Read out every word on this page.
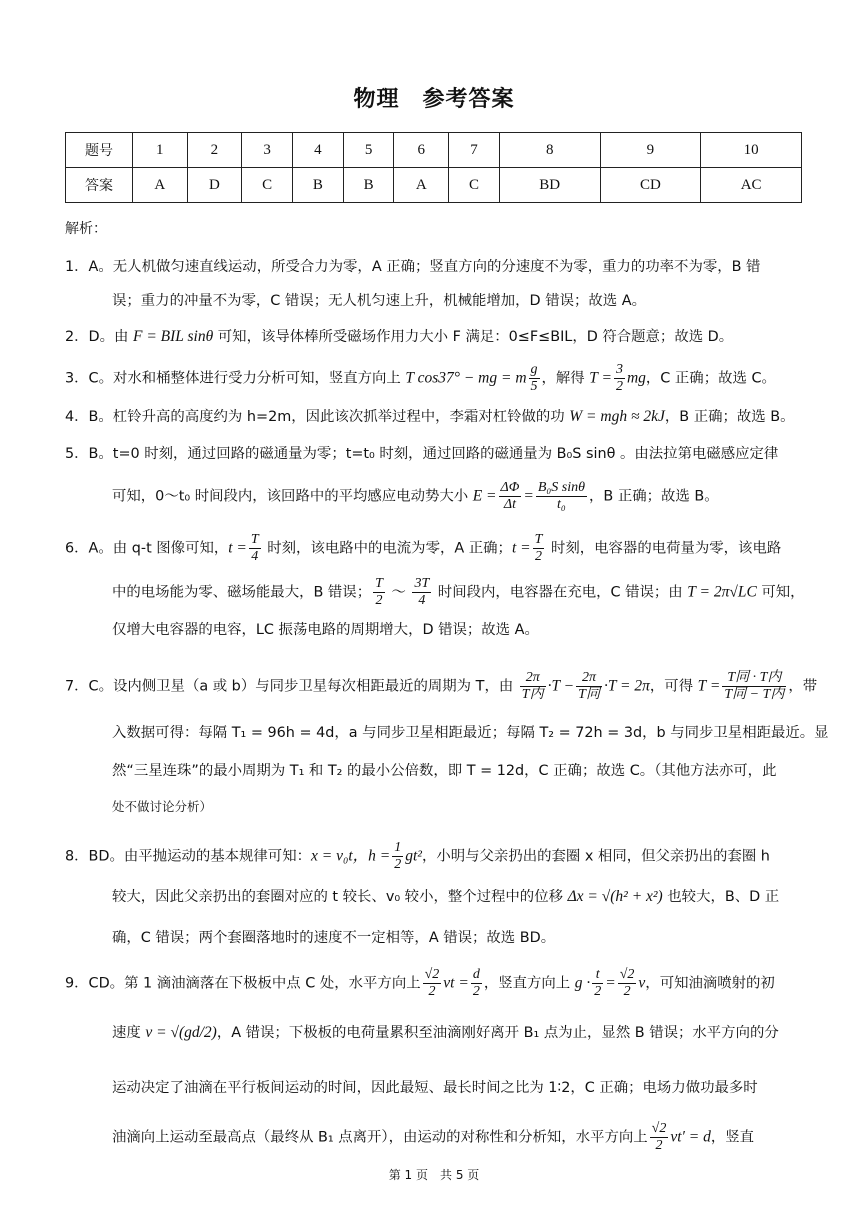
物理　参考答案
题号	1	2	3	4	5	6	7	8	9	10
答案	A	D	C	B	B	A	C	BD	CD	AC
解析：
1．A。无人机做匀速直线运动，所受合力为零，A 正确；竖直方向的分速度不为零，重力的功率不为零，B 错
误；重力的冲量不为零，C 错误；无人机匀速上升，机械能增加，D 错误；故选 A。
2．D。由 F = BIL sinθ 可知，该导体棒所受磁场作用力大小 F 满足：0≤F≤BIL，D 符合题意；故选 D。
3．C。对水和桶整体进行受力分析可知，竖直方向上 T cos37° − mg = m $\frac{g}{5}$ ，解得 $T = \frac{3}{2}$ mg，C 正确；故选 C。
4．B。杠铃升高的高度约为 h=2m，因此该次抓举过程中，李霜对杠铃做的功 W = mgh ≈ 2kJ，B 正确；故选 B。
5．B。t=0 时刻，通过回路的磁通量为零；t=t₀ 时刻，通过回路的磁通量为 B₀S sinθ 。由法拉第电磁感应定律
可知，0～t₀ 时间段内，该回路中的平均感应电动势大小 $E = \frac{\Delta\Phi}{\Delta t} = \frac{\text{B₀S sinθ}}{\text{t₀}}$ ，B 正确；故选 B。
6．A。由 q-t 图像可知，$t = \frac{T}{4}$ 时刻，该电路中的电流为零，A 正确；$t = \frac{T}{2}$ 时刻，电容器的电荷量为零，该电路
中的电场能为零、磁场能最大，B 错误； $\frac{T}{2}$ ～ $\frac{3T}{4}$ 时间段内，电容器在充电，C 错误；由 T = 2π√LC 可知，
仅增大电容器的电容，LC 振荡电路的周期增大，D 错误；故选 A。
7．C。设内侧卫星（a 或 b）与同步卫星每次相距最近的周期为 T，由 $\frac{2\pi}{\text{T内}} \cdot T - \frac{2\pi}{\text{T同}} \cdot T = 2\pi$，可得 $T = \frac{\text{T同 · T内}}{\text{T同 − T内}}$ ，带
入数据可得：每隔 T₁ = 96h = 4d，a 与同步卫星相距最近；每隔 T₂ = 72h = 3d，b 与同步卫星相距最近。显
然“三星连珠”的最小周期为 T₁ 和 T₂ 的最小公倍数，即 T = 12d，C 正确；故选 C。（其他方法亦可，此
处不做讨论分析）
8．BD。由平抛运动的基本规律可知：x = v₀t，$h = \frac{1}{2} gt^2$，小明与父亲扔出的套圈 x 相同，但父亲扔出的套圈 h
较大，因此父亲扔出的套圈对应的 t 较长、v₀ 较小，整个过程中的位移 Δx = √(h² + x²) 也较大，B、D 正
确，C 错误；两个套圈落地时的速度不一定相等，A 错误；故选 BD。
9．CD。第 1 滴油滴落在下极板中点 C 处，水平方向上 $\frac{√2}{2}$ vt = $\frac{d}{2}$ ，竖直方向上 $g \cdot \frac{t}{2} = \frac{√2}{2}$ v，可知油滴喷射的初
速度 v = √(gd/2)，A 错误；下极板的电荷量累积至油滴刚好离开 B₁ 点为止，显然 B 错误；水平方向的分
运动决定了油滴在平行板间运动的时间，因此最短、最长时间之比为 1∶2，C 正确；电场力做功最多时
油滴向上运动至最高点（最终从 B₁ 点离开），由运动的对称性和分析知，水平方向上 $\frac{√2}{2} vt' = d$，竖直
第 1 页　共 5 页
